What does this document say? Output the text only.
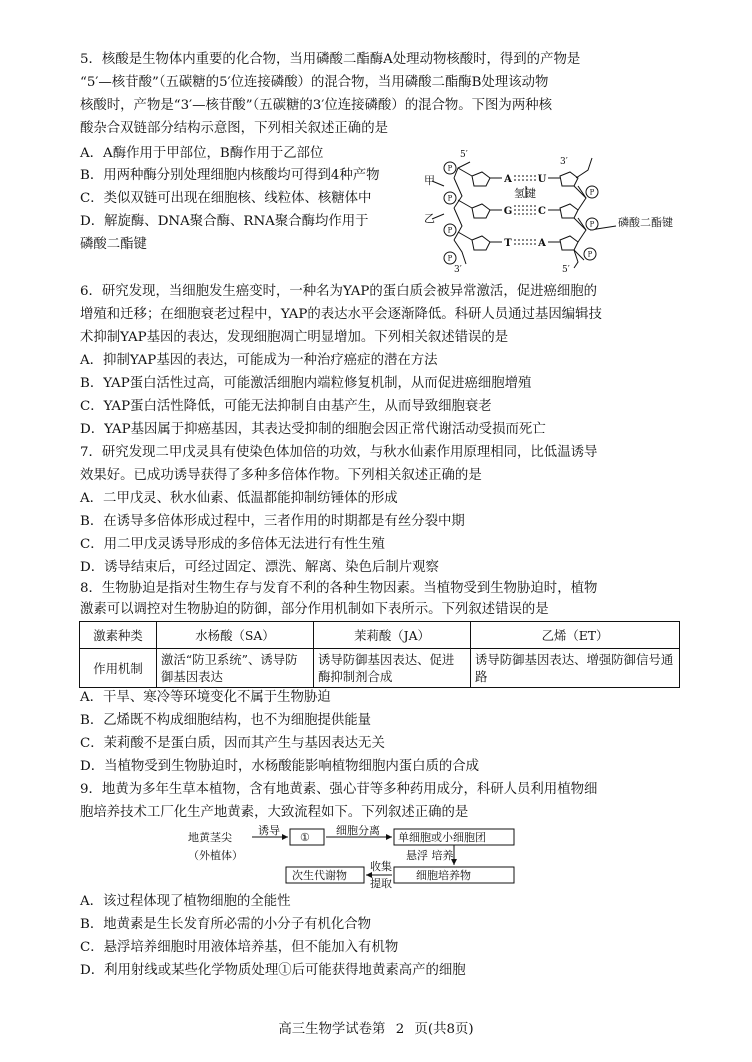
5．核酸是生物体内重要的化合物，当用磷酸二酯酶A处理动物核酸时，得到的产物是
“5′—核苷酸”（五碳糖的5′位连接磷酸）的混合物，当用磷酸二酯酶B处理该动物
核酸时，产物是“3′—核苷酸”（五碳糖的3′位连接磷酸）的混合物。下图为两种核
酸杂合双链部分结构示意图，下列相关叙述正确的是
A．A酶作用于甲部位，B酶作用于乙部位
B．用两种酶分别处理细胞内核酸均可得到4种产物
C．类似双链可出现在细胞核、线粒体、核糖体中
D．解旋酶、DNA聚合酶、RNA聚合酶均作用于
磷酸二酯键
P
P
P
P
P
P
P
A	U
G	C
T	A
5′
3′
3′	5′
甲
乙
氢键
磷酸二酯键
6．研究发现，当细胞发生癌变时，一种名为YAP的蛋白质会被异常激活，促进癌细胞的
增殖和迁移；在细胞衰老过程中，YAP的表达水平会逐渐降低。科研人员通过基因编辑技
术抑制YAP基因的表达，发现细胞凋亡明显增加。下列相关叙述错误的是
A．抑制YAP基因的表达，可能成为一种治疗癌症的潜在方法
B．YAP蛋白活性过高，可能激活细胞内端粒修复机制，从而促进癌细胞增殖
C．YAP蛋白活性降低，可能无法抑制自由基产生，从而导致细胞衰老
D．YAP基因属于抑癌基因，其表达受抑制的细胞会因正常代谢活动受损而死亡
7．研究发现二甲戊灵具有使染色体加倍的功效，与秋水仙素作用原理相同，比低温诱导
效果好。已成功诱导获得了多种多倍体作物。下列相关叙述正确的是
A．二甲戊灵、秋水仙素、低温都能抑制纺锤体的形成
B．在诱导多倍体形成过程中，三者作用的时期都是有丝分裂中期
C．用二甲戊灵诱导形成的多倍体无法进行有性生殖
D．诱导结束后，可经过固定、漂洗、解离、染色后制片观察
8．生物胁迫是指对生物生存与发育不利的各种生物因素。当植物受到生物胁迫时，植物
激素可以调控对生物胁迫的防御，部分作用机制如下表所示。下列叙述错误的是
激素种类	水杨酸（SA）	茉莉酸（JA）	乙烯（ET）
作用机制	激活“防卫系统”、诱导防御基因表达	诱导防御基因表达、促进酶抑制剂合成	诱导防御基因表达、增强防御信号通路
A．干旱、寒冷等环境变化不属于生物胁迫
B．乙烯既不构成细胞结构，也不为细胞提供能量
C．茉莉酸不是蛋白质，因而其产生与基因表达无关
D．当植物受到生物胁迫时，水杨酸能影响植物细胞内蛋白质的合成
9．地黄为多年生草本植物，含有地黄素、强心苷等多种药用成分，科研人员利用植物细
胞培养技术工厂化生产地黄素，大致流程如下。下列叙述正确的是
地黄茎尖
（外植体）
诱导
①
细胞分离
单细胞或小细胞团
悬浮 培养
细胞培养物
收集
提取
次生代谢物
A．该过程体现了植物细胞的全能性
B．地黄素是生长发育所必需的小分子有机化合物
C．悬浮培养细胞时用液体培养基，但不能加入有机物
D．利用射线或某些化学物质处理①后可能获得地黄素高产的细胞
高三生物学试卷第 2 页(共8页)
